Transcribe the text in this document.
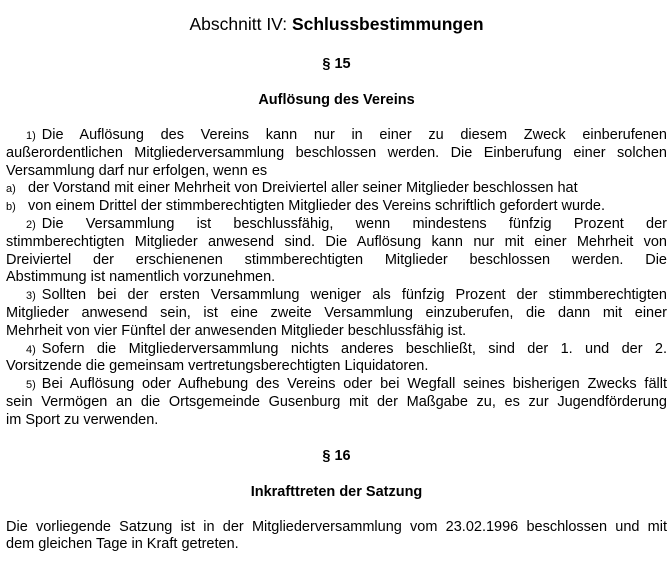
Abschnitt IV: Schlussbestimmungen
§ 15
Auflösung des Vereins
1) Die Auflösung des Vereins kann nur in einer zu diesem Zweck einberufenen
außerordentlichen Mitgliederversammlung beschlossen werden. Die Einberufung einer solchen
Versammlung darf nur erfolgen, wenn es
a) der Vorstand mit einer Mehrheit von Dreiviertel aller seiner Mitglieder beschlossen hat
b) von einem Drittel der stimmberechtigten Mitglieder des Vereins schriftlich gefordert wurde.
2) Die Versammlung ist beschlussfähig, wenn mindestens fünfzig Prozent der
stimmberechtigten Mitglieder anwesend sind. Die Auflösung kann nur mit einer Mehrheit von
Dreiviertel der erschienenen stimmberechtigten Mitglieder beschlossen werden. Die
Abstimmung ist namentlich vorzunehmen.
3) Sollten bei der ersten Versammlung weniger als fünfzig Prozent der stimmberechtigten
Mitglieder anwesend sein, ist eine zweite Versammlung einzuberufen, die dann mit einer
Mehrheit von vier Fünftel der anwesenden Mitglieder beschlussfähig ist.
4) Sofern die Mitgliederversammlung nichts anderes beschließt, sind der 1. und der 2.
Vorsitzende die gemeinsam vertretungsberechtigten Liquidatoren.
5) Bei Auflösung oder Aufhebung des Vereins oder bei Wegfall seines bisherigen Zwecks fällt
sein Vermögen an die Ortsgemeinde Gusenburg mit der Maßgabe zu, es zur Jugendförderung
im Sport zu verwenden.
§ 16
Inkrafttreten der Satzung
Die vorliegende Satzung ist in der Mitgliederversammlung vom 23.02.1996 beschlossen und mit
dem gleichen Tage in Kraft getreten.
